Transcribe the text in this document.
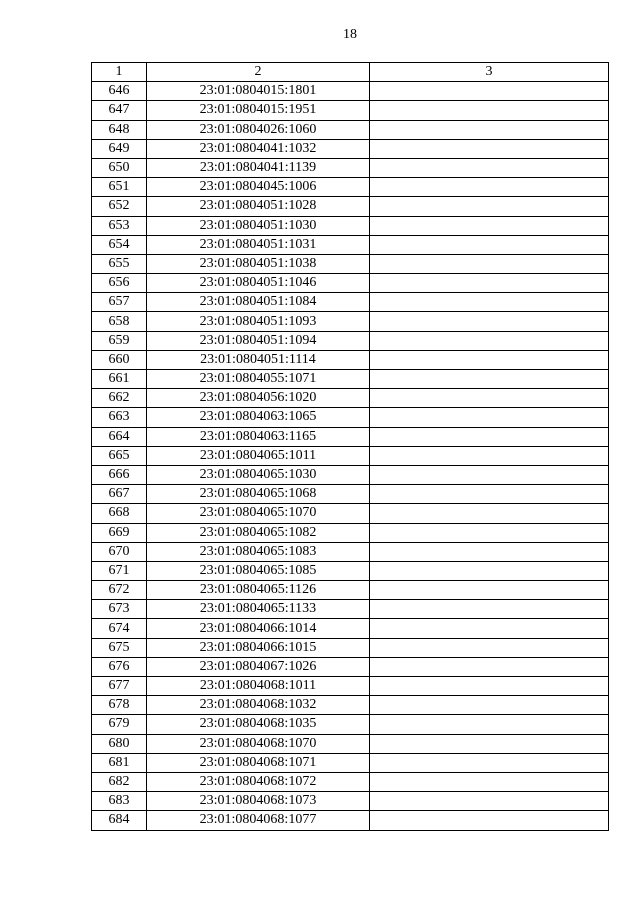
18
1	2	3
646	23:01:0804015:1801	
647	23:01:0804015:1951	
648	23:01:0804026:1060	
649	23:01:0804041:1032	
650	23:01:0804041:1139	
651	23:01:0804045:1006	
652	23:01:0804051:1028	
653	23:01:0804051:1030	
654	23:01:0804051:1031	
655	23:01:0804051:1038	
656	23:01:0804051:1046	
657	23:01:0804051:1084	
658	23:01:0804051:1093	
659	23:01:0804051:1094	
660	23:01:0804051:1114	
661	23:01:0804055:1071	
662	23:01:0804056:1020	
663	23:01:0804063:1065	
664	23:01:0804063:1165	
665	23:01:0804065:1011	
666	23:01:0804065:1030	
667	23:01:0804065:1068	
668	23:01:0804065:1070	
669	23:01:0804065:1082	
670	23:01:0804065:1083	
671	23:01:0804065:1085	
672	23:01:0804065:1126	
673	23:01:0804065:1133	
674	23:01:0804066:1014	
675	23:01:0804066:1015	
676	23:01:0804067:1026	
677	23:01:0804068:1011	
678	23:01:0804068:1032	
679	23:01:0804068:1035	
680	23:01:0804068:1070	
681	23:01:0804068:1071	
682	23:01:0804068:1072	
683	23:01:0804068:1073	
684	23:01:0804068:1077	
